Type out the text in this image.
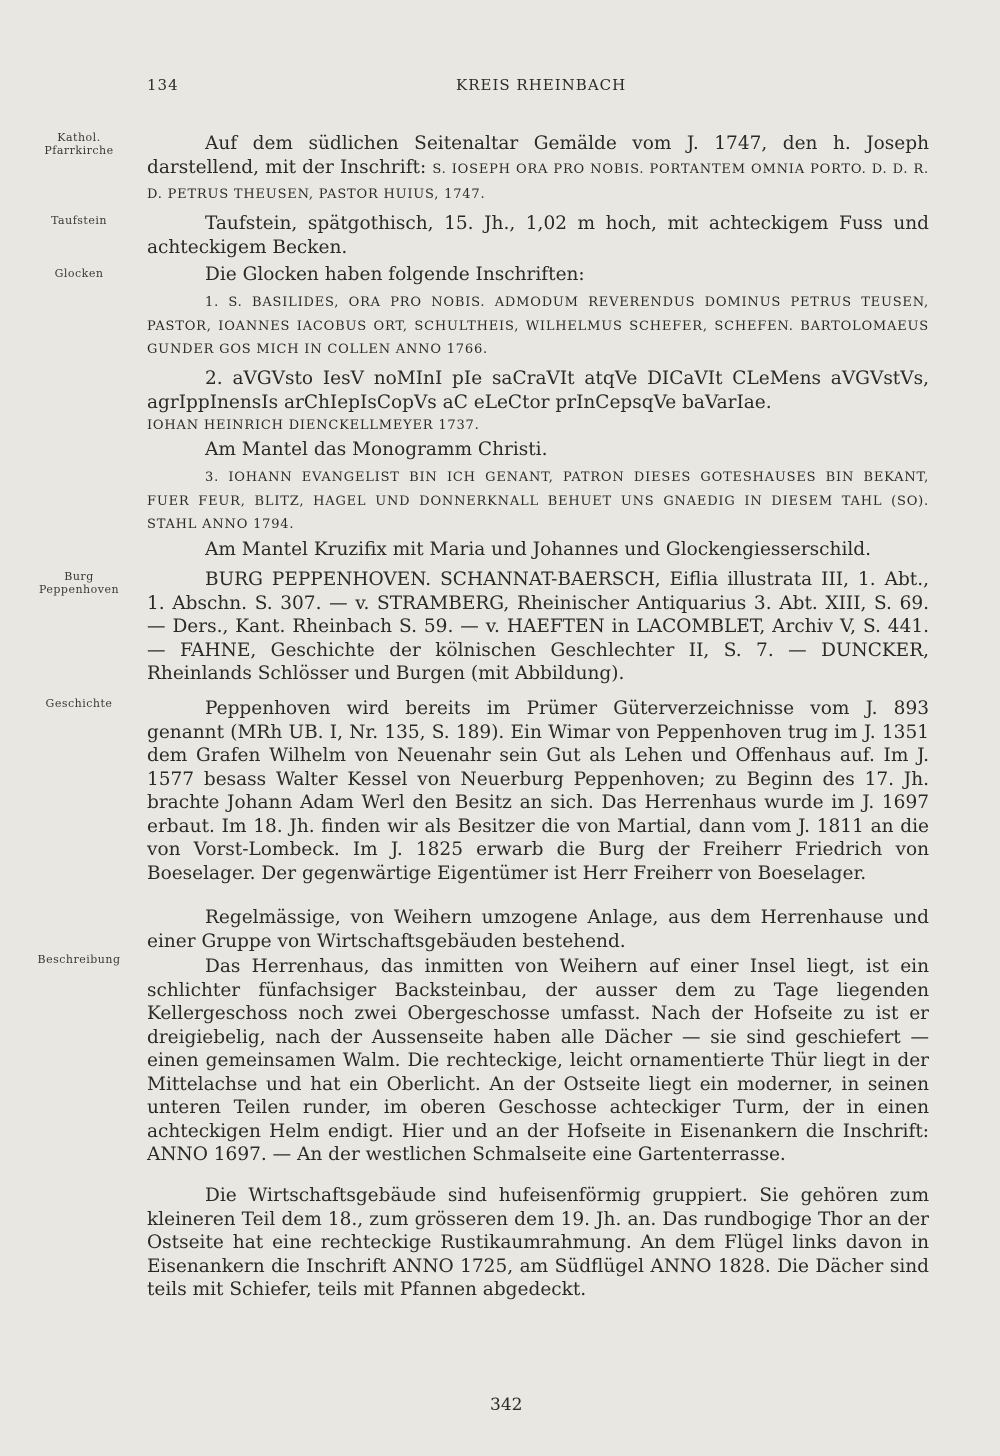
134	KREIS RHEINBACH
Kathol.
Pfarrkirche
Taufstein
Glocken
Burg
Peppenhoven
Geschichte
Beschreibung

Auf dem südlichen Seitenaltar Gemälde vom J. 1747, den h. Joseph darstellend, mit der Inschrift: S. IOSEPH ORA PRO NOBIS. PORTANTEM OMNIA PORTO. D. D. R. D. PETRUS THEUSEN, PASTOR HUIUS, 1747.

Taufstein, spätgothisch, 15. Jh., 1,02 m hoch, mit achteckigem Fuss und achteckigem Becken.

Die Glocken haben folgende Inschriften:

1. S. BASILIDES, ORA PRO NOBIS. ADMODUM REVERENDUS DOMINUS PETRUS TEUSEN, PASTOR, IOANNES IACOBUS ORT, SCHULTHEIS, WILHELMUS SCHEFER, SCHEFEN. BARTOLOMAEUS GUNDER GOS MICH IN COLLEN ANNO 1766.

2. aVGVsto IesV noMInI pIe saCraVIt atqVe DICaVIt CLeMens aVGVstVs, agrIppInensIs arChIepIsCopVs aC eLeCtor prInCepsqVe baVarIae.

IOHAN HEINRICH DIENCKELLMEYER 1737.

Am Mantel das Monogramm Christi.

3. IOHANN EVANGELIST BIN ICH GENANT, PATRON DIESES GOTESHAUSES BIN BEKANT, FUER FEUR, BLITZ, HAGEL UND DONNERKNALL BEHUET UNS GNAEDIG IN DIESEM TAHL (SO). STAHL ANNO 1794.

Am Mantel Kruzifix mit Maria und Johannes und Glockengiesserschild.

BURG PEPPENHOVEN. SCHANNAT-BAERSCH, Eiflia illustrata III, 1. Abt., 1. Abschn. S. 307. — v. STRAMBERG, Rheinischer Antiquarius 3. Abt. XIII, S. 69. — Ders., Kant. Rheinbach S. 59. — v. HAEFTEN in LACOMBLET, Archiv V, S. 441. — FAHNE, Geschichte der kölnischen Geschlechter II, S. 7. — DUNCKER, Rheinlands Schlösser und Burgen (mit Abbildung).

Peppenhoven wird bereits im Prümer Güterverzeichnisse vom J. 893 genannt (MRh UB. I, Nr. 135, S. 189). Ein Wimar von Peppenhoven trug im J. 1351 dem Grafen Wilhelm von Neuenahr sein Gut als Lehen und Offenhaus auf. Im J. 1577 besass Walter Kessel von Neuerburg Peppenhoven; zu Beginn des 17. Jh. brachte Johann Adam Werl den Besitz an sich. Das Herrenhaus wurde im J. 1697 erbaut. Im 18. Jh. finden wir als Besitzer die von Martial, dann vom J. 1811 an die von Vorst-Lombeck. Im J. 1825 erwarb die Burg der Freiherr Friedrich von Boeselager. Der gegenwärtige Eigentümer ist Herr Freiherr von Boeselager.

Regelmässige, von Weihern umzogene Anlage, aus dem Herrenhause und einer Gruppe von Wirtschaftsgebäuden bestehend.

Das Herrenhaus, das inmitten von Weihern auf einer Insel liegt, ist ein schlichter fünfachsiger Backsteinbau, der ausser dem zu Tage liegenden Kellergeschoss noch zwei Obergeschosse umfasst. Nach der Hofseite zu ist er dreigiebelig, nach der Aussenseite haben alle Dächer — sie sind geschiefert — einen gemeinsamen Walm. Die rechteckige, leicht ornamentierte Thür liegt in der Mittelachse und hat ein Oberlicht. An der Ostseite liegt ein moderner, in seinen unteren Teilen runder, im oberen Geschosse achteckiger Turm, der in einen achteckigen Helm endigt. Hier und an der Hofseite in Eisenankern die Inschrift: ANNO 1697. — An der westlichen Schmalseite eine Gartenterrasse.

Die Wirtschaftsgebäude sind hufeisenförmig gruppiert. Sie gehören zum kleineren Teil dem 18., zum grösseren dem 19. Jh. an. Das rundbogige Thor an der Ostseite hat eine rechteckige Rustikaumrahmung. An dem Flügel links davon in Eisenankern die Inschrift ANNO 1725, am Südflügel ANNO 1828. Die Dächer sind teils mit Schiefer, teils mit Pfannen abgedeckt.

342
